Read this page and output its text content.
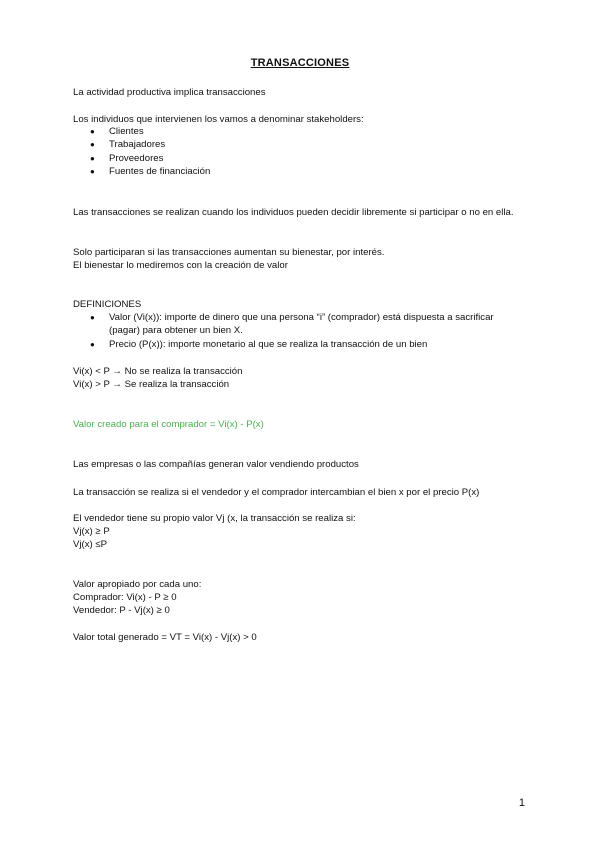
TRANSACCIONES
La actividad productiva implica transacciones
Los individuos que intervienen los vamos a denominar stakeholders:
● Clientes
● Trabajadores
● Proveedores
● Fuentes de financiación
Las transacciones se realizan cuando los individuos pueden decidir libremente si participar o no en ella.
Solo participaran si las transacciones aumentan su bienestar, por interés.
El bienestar lo mediremos con la creación de valor
DEFINICIONES
● Valor (Vi(x)): importe de dinero que una persona “i” (comprador) está dispuesta a sacrificar (pagar) para obtener un bien X.
● Precio (P(x)): importe monetario al que se realiza la transacción de un bien
Vi(x) < P → No se realiza la transacción
Vi(x) > P → Se realiza la transacción
Valor creado para el comprador = Vi(x) - P(x)
Las empresas o las compañías generan valor vendiendo productos
La transacción se realiza si el vendedor y el comprador intercambian el bien x por el precio P(x)
El vendedor tiene su propio valor Vj (x, la transacción se realiza si:
Vj(x) ≥ P
Vj(x) ≤P
Valor apropiado por cada uno:
Comprador: Vi(x) - P ≥ 0
Vendedor: P - Vj(x) ≥ 0
Valor total generado = VT = Vi(x) - Vj(x) > 0
1
